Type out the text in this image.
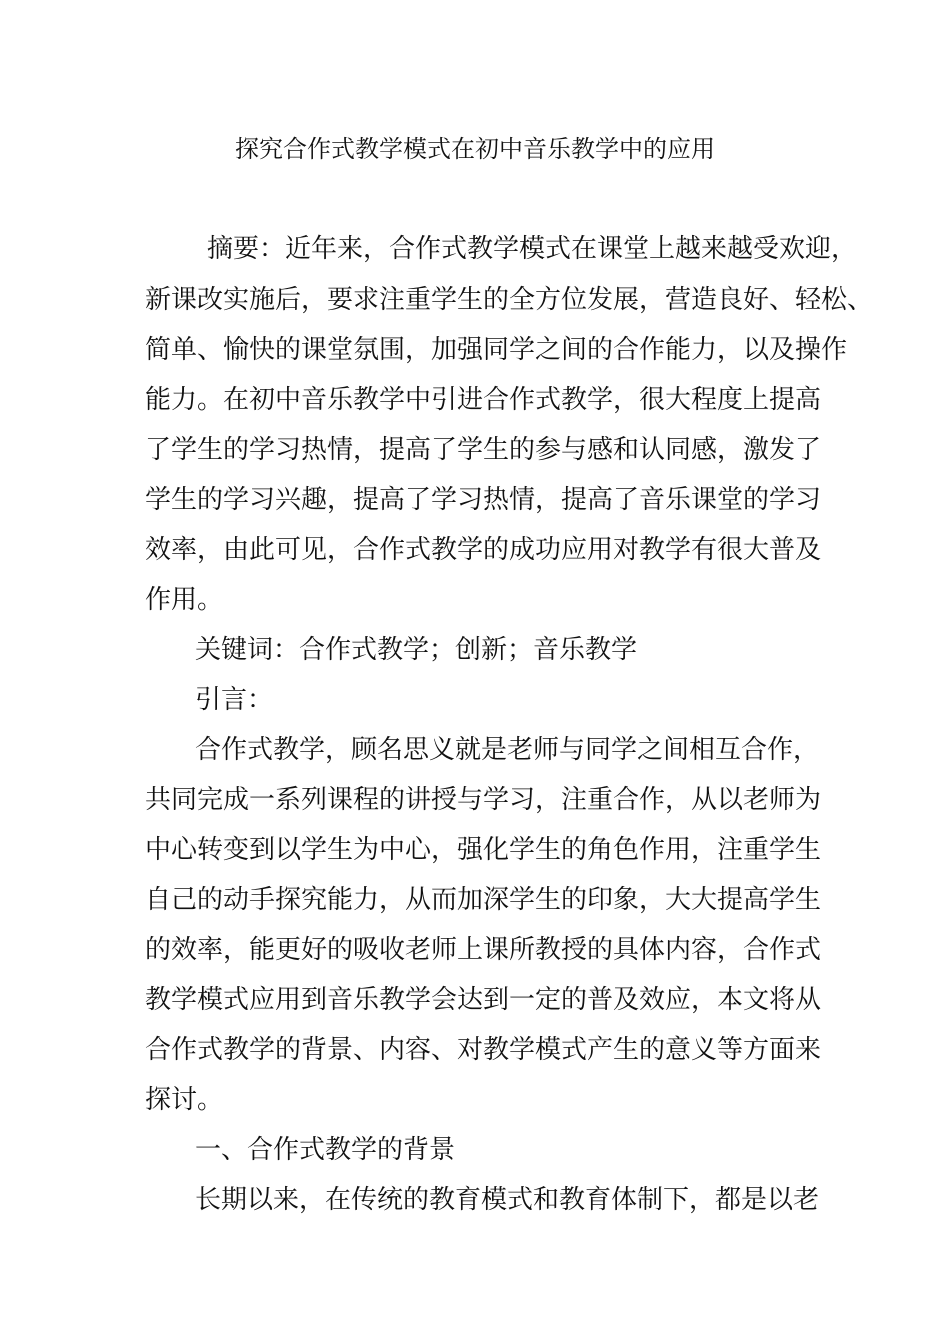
探究合作式教学模式在初中音乐教学中的应用
摘要：近年来，合作式教学模式在课堂上越来越受欢迎，
新课改实施后，要求注重学生的全方位发展，营造良好、轻松、
简单、愉快的课堂氛围，加强同学之间的合作能力，以及操作
能力。在初中音乐教学中引进合作式教学，很大程度上提高
了学生的学习热情，提高了学生的参与感和认同感，激发了
学生的学习兴趣，提高了学习热情，提高了音乐课堂的学习
效率，由此可见，合作式教学的成功应用对教学有很大普及
作用。
关键词：合作式教学；创新；音乐教学
引言：
合作式教学，顾名思义就是老师与同学之间相互合作，
共同完成一系列课程的讲授与学习，注重合作，从以老师为
中心转变到以学生为中心，强化学生的角色作用，注重学生
自己的动手探究能力，从而加深学生的印象，大大提高学生
的效率，能更好的吸收老师上课所教授的具体内容，合作式
教学模式应用到音乐教学会达到一定的普及效应，本文将从
合作式教学的背景、内容、对教学模式产生的意义等方面来
探讨。
一、合作式教学的背景
长期以来，在传统的教育模式和教育体制下，都是以老
